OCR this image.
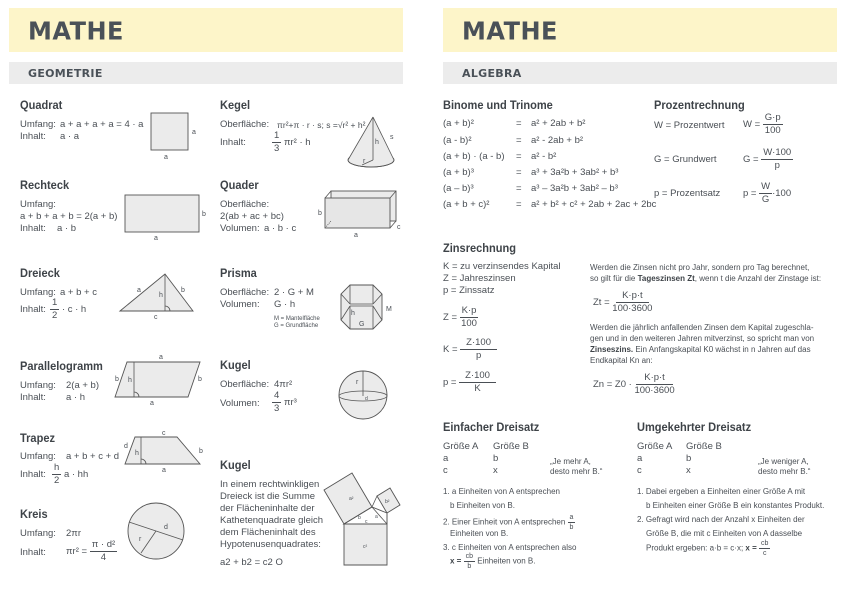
MATHE
GEOMETRIE
Quadrat
Umfang: a + a + a + a = 4 · a
Inhalt: a · a	a
a
Rechteck
Umfang:
a + b + a + b = 2(a + b)
Inhalt: a · b
b
a
Dreieck
Umfang: a + b + c
Inhalt: $\frac{1}{2} \cdot c \cdot h$
a	b
h
c
Parallelogramm
Umfang: 2(a + b)
Inhalt: a · h
a
a
b	b
h
Trapez
Umfang: a + b + c + d
Inhalt: $\frac{h}{2}$ a · hh
c
a
d
b
h
Kreis
Umfang: 2πr
Inhalt: $\pi r^2 = \frac{\text{π · d²}}{4}$
d
r
Kegel
Oberfläche: πr²+π · r · s; s =√r² + h²
Inhalt:	$\frac{1}{3} \pi r^2 \cdot h$	s
h
r
Quader
Oberfläche:
2(ab + ac + bc)
Volumen: a · b · c
b
a
c
Prisma
Oberfläche: 2 · G + M
Volumen: G · h
M = Mantelfläche
G = Grundfläche
M
h
G
Kugel
Oberfläche: 4πr²
Volumen: $\frac{4}{3} \pi r^3$
r
d
Kugel
In einem rechtwinkligen
Dreieck ist die Summe
der Flächeninhalte der
Kathetenquadrate gleich
dem Flächeninhalt des
Hypotenusenquadrates:
a2 + b2 = c2 O
a²	b²
c²
b	a
c
MATHE
ALGEBRA
Binome und Trinome
(a + b)²	= a² + 2ab + b²
(a - b)²	= a² - 2ab + b²
(a + b) · (a - b) = a² - b²
(a + b)³	= a³ + 3a²b + 3ab² + b³
(a – b)³	= a³ – 3a²b + 3ab² – b³
(a + b + c)²	= a² + b² + c² + 2ab + 2ac + 2bc
Prozentrechnung
W = Prozentwert $W = \frac{G\cdot p}{100}$
G = Grundwert	$G = \frac{W\cdot 100}{p}$
p = Prozentsatz $p = \frac{W}{G} \cdot 100$
Zinsrechnung
K = zu verzinsendes Kapital
Z = Jahreszinsen
p = Zinssatz
$Z = \frac{K\cdot p}{100}$
$K = \frac{Z\cdot 100}{p}$
$p = \frac{Z\cdot 100}{K}$
Werden die Zinsen nicht pro Jahr, sondern pro Tag berechnet,
so gilt für die Tageszinsen Zt, wenn t die Anzahl der Zinstage ist:
$Zt = \frac{K\cdot p\cdot t}{100\cdot 3600}$
Werden die jährlich anfallenden Zinsen dem Kapital zugeschla-
gen und in den weiteren Jahren mitverzinst, so spricht man von
Zinseszins. Ein Anfangskapital K0 wächst in n Jahren auf das
Endkapital Kn an:
$Zn = Z0 \cdot \frac{K\cdot p\cdot t}{100\cdot 3600}$
Einfacher Dreisatz
Größe A Größe B
a	b
c	x
„Je mehr A,
desto mehr B.“
1. a Einheiten von A entsprechen
b Einheiten von B.
2. Einer Einheit von A entsprechen $\frac{a}{b}$
Einheiten von B.
3. c Einheiten von A entsprechen also
$x = \frac{cb}{b}$ Einheiten von B.
Umgekehrter Dreisatz
Größe A Größe B
a	b
c	x
„Je weniger A,
desto mehr B.“
1. Dabei ergeben a Einheiten einer Größe A mit
b Einheiten einer Größe B ein konstantes Produkt.
2. Gefragt wird nach der Anzahl x Einheiten der
Größe B, die mit c Einheiten von A dasselbe
Produkt ergeben: a·b = c·x; $x = \frac{cb}{c}$
